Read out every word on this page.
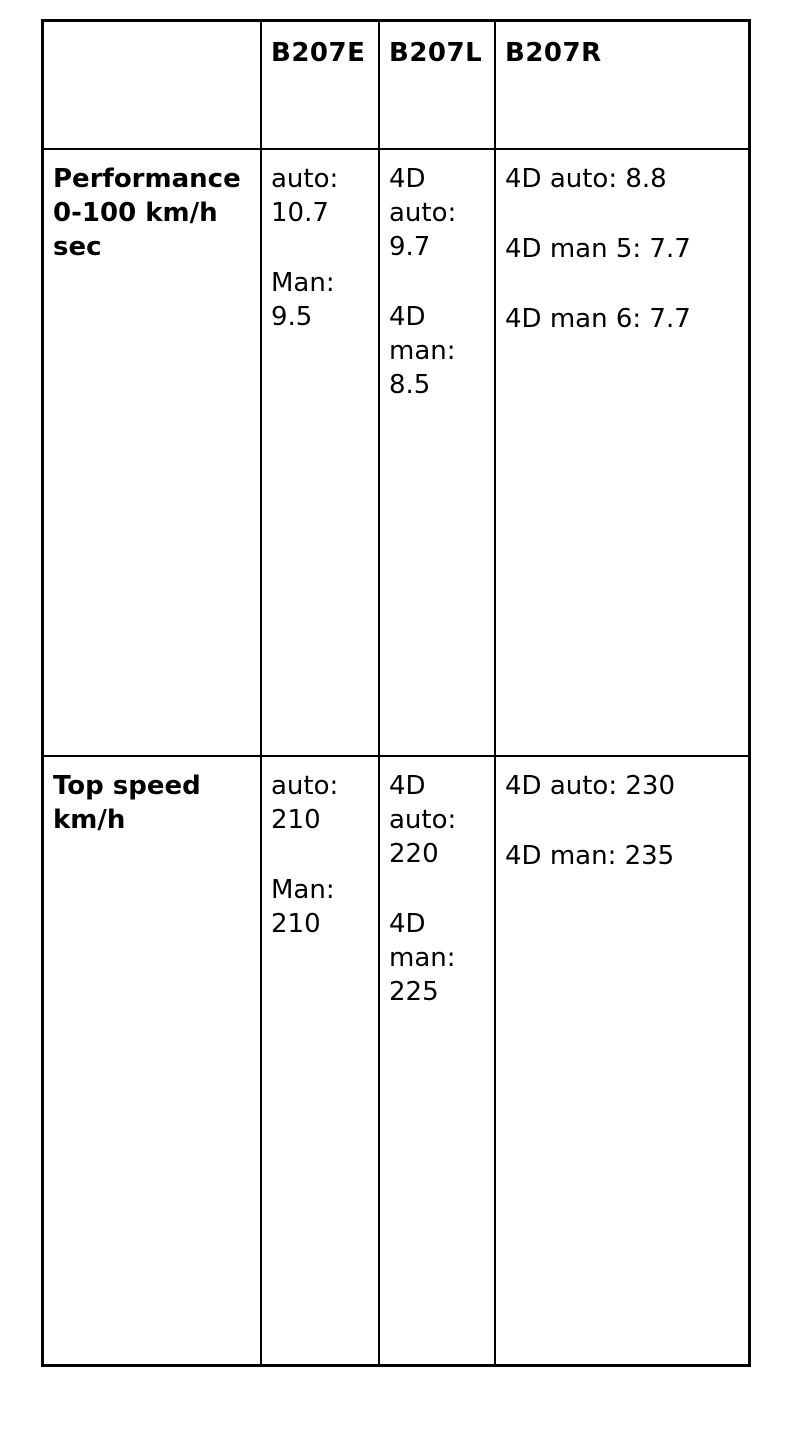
B207E B207L B207R
Performance
0-100 km/h
sec
auto:
10.7
Man:
9.5
4D
auto:
9.7
4D
man:
8.5
4D auto: 8.8
4D man 5: 7.7
4D man 6: 7.7
Top speed
km/h
auto:
210
Man:
210
4D
auto:
220
4D
man:
225
4D auto: 230
4D man: 235
